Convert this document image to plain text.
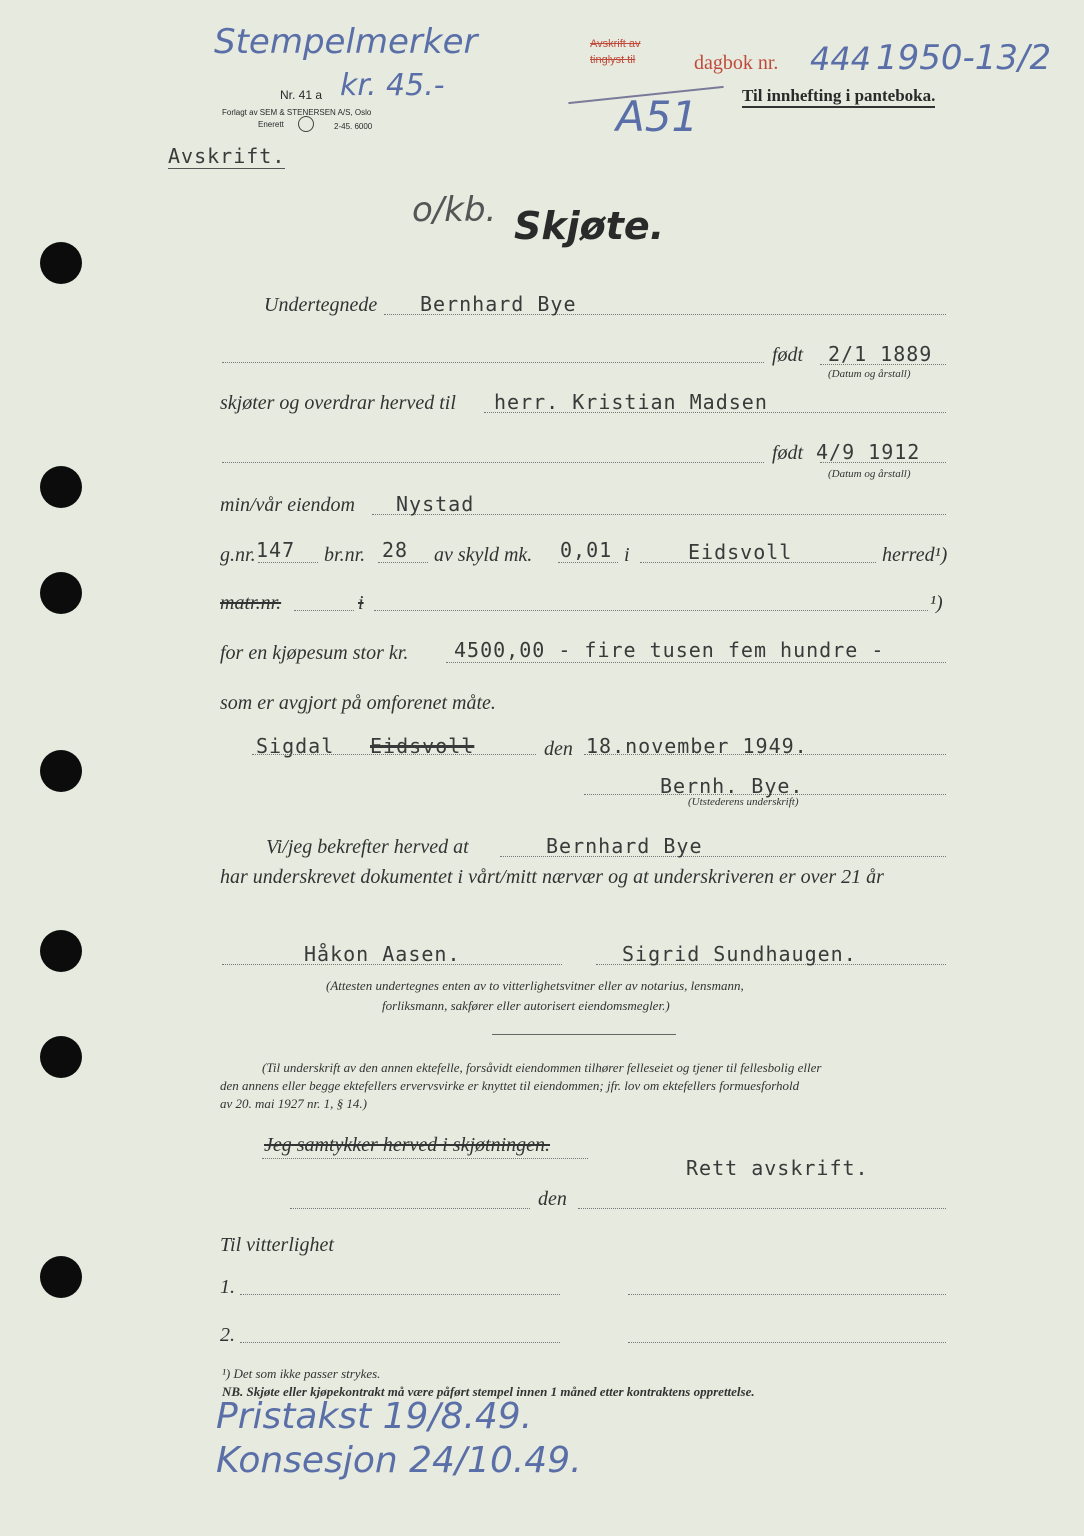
Stempelmerker
kr. 45.-
Nr. 41 a
Forlagt av SEM & STENERSEN A/S, Oslo
Enerett	2-45. 6000
Avskrift av tinglyst til	dagbok nr. 444 1950-13/2
A51	Til innhefting i panteboka.
Avskrift.
o/kb. Skjøte.
Undertegnede Bernhard Bye
født 2/1 1889
(Datum og årstall)
skjøter og overdrar herved til herr. Kristian Madsen
født 4/9 1912
(Datum og årstall)
min/vår eiendom Nystad
g.nr. 147 br.nr. 28 av skyld mk. 0,01 i	Eidsvoll	herred¹)
matr.nr.	i	¹)
for en kjøpesum stor kr. 4500,00 - fire tusen fem hundre -
som er avgjort på omforenet måte.
Sigdal Eidsvoll	den 18.november 1949.
Bernh. Bye.
(Utstederens underskrift)
Vi/jeg bekrefter herved at	Bernhard Bye
har underskrevet dokumentet i vårt/mitt nærvær og at underskriveren er over 21 år
Håkon Aasen.	Sigrid Sundhaugen.
(Attesten undertegnes enten av to vitterlighetsvitner eller av notarius, lensmann,
forliksmann, sakfører eller autorisert eiendomsmegler.)
(Til underskrift av den annen ektefelle, forsåvidt eiendommen tilhører felleseiet og tjener til fellesbolig eller
den annens eller begge ektefellers ervervsvirke er knyttet til eiendommen; jfr. lov om ektefellers formuesforhold
av 20. mai 1927 nr. 1, § 14.)
Jeg samtykker herved i skjøtningen.
Rett avskrift.
den
Til vitterlighet
1.
2.
¹) Det som ikke passer strykes.
NB. Skjøte eller kjøpekontrakt må være påført stempel innen 1 måned etter kontraktens opprettelse.
Pristakst 19/8.49.
Konsesjon 24/10.49.
